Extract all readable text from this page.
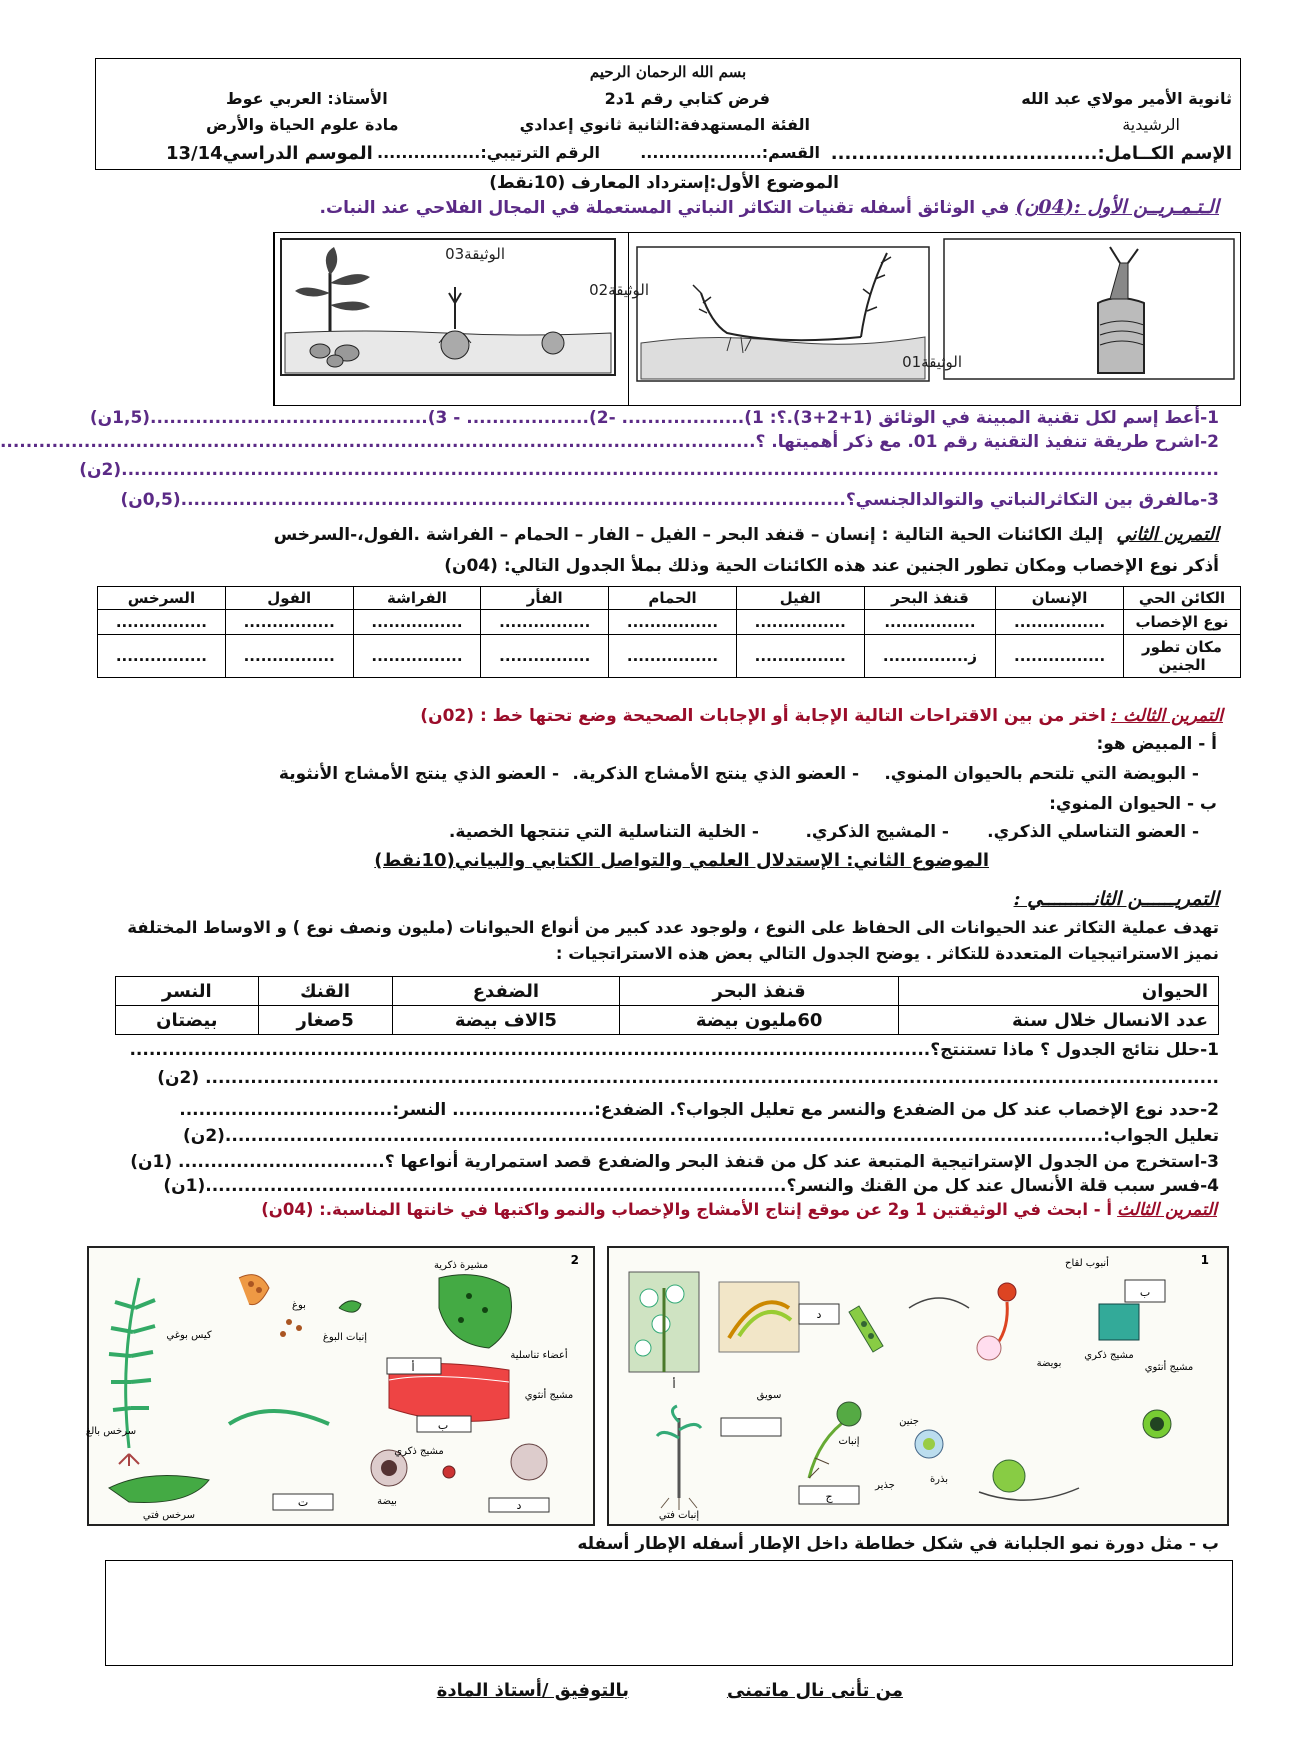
بسم الله الرحمان الرحيم
ثانوية الأمير مولاي عبد الله
فرض كتابي رقم 1د2
الأستاذ: العربي عوط
الرشيدية
الفئة المستهدفة:الثانية ثانوي إعدادي
مادة علوم الحياة والأرض
الإسم الكــامل:.......................................
القسم:....................
الرقم الترتيبي:.................
الموسم الدراسي13/14
الموضوع الأول:إسترداد المعارف (10نقط)
الـتـمـريــن الأول :(04ن) في الوثائق أسفله تقنيات التكاثر النباتي المستعملة في المجال الفلاحي عند النبات.
الوثيقة03
الوثيقة02
الوثيقة01
1-أعط إسم لكل تقنية المبينة في الوثائق (1+2+3).؟: 1)................... -2)................... - 3)...........................................(1,5ن)
2-اشرح طريقة تنفيذ التقنية رقم 01. مع ذكر أهميتها. ؟.....................................................................................................................
..........................................................................................................................................................................(2ن)
3-مالفرق بين التكاثرالنباتي والتوالدالجنسي؟.......................................................................................................(0,5ن)
التمرين الثاني إليك الكائنات الحية التالية : إنسان – قنفد البحر – الفيل – الفار – الحمام – الفراشة .الفول،-السرخس
أذكر نوع الإخصاب ومكان تطور الجنين عند هذه الكائنات الحية وذلك بملأ الجدول التالي: (04ن)
الكائن الحي	الإنسان	قنفذ البحر	الفيل	الحمام	الفأر	الفراشة	الفول	السرخس
نوع الإخصاب	................	................	................	................	................	................	................	................
مكان تطور الجنين	................	ز...............	................	................	................	................	................	................
التمرين الثالث : اختر من بين الاقتراحات التالية الإجابة أو الإجابات الصحيحة وضع تحتها خط : (02ن)
أ - المبيض هو:
- البويضة التي تلتحم بالحيوان المنوي.
- العضو الذي ينتج الأمشاج الذكرية.
- العضو الذي ينتج الأمشاج الأنثوية
ب - الحيوان المنوي:
- العضو التناسلي الذكري.
- المشيج الذكري.
- الخلية التناسلية التي تنتجها الخصية.
الموضوع الثاني: الإستدلال العلمي والتواصل الكتابي والبياني(10نقط)
التمريــــــن الثانـــــــــي :
تهدف عملية التكاثر عند الحيوانات الى الحفاظ على النوع ، ولوجود عدد كبير من أنواع الحيوانات (مليون ونصف نوع ) و الاوساط المختلفة
نميز الاستراتيجيات المتعددة للتكاثر . يوضح الجدول التالي بعض هذه الاستراتجيات :
الحيوان	قنفذ البحر	الضفدع	القنك	النسر
عدد الانسال خلال سنة	60مليون بيضة	5الاف بيضة	5صغار	بيضتان
1-حلل نتائج الجدول ؟ ماذا تستنتج؟............................................................................................................................
............................................................................................................................................................. (2ن)
2-حدد نوع الإخصاب عند كل من الضفدع والنسر مع تعليل الجواب؟. الضفدع:...................... النسر:.................................
تعليل الجواب:........................................................................................................................................(2ن)
3-استخرج من الجدول الإستراتيجية المتبعة عند كل من قنفذ البحر والضفدع قصد استمرارية أنواعها ؟................................ (1ن)
4-فسر سبب قلة الأنسال عند كل من القنك والنسر؟..........................................................................................(1ن)
التمرين الثالث أ - ابحث في الوثيقتين 1 و2 عن موقع إنتاج الأمشاج والإخصاب والنمو واكتبها في خانتها المناسبة.: (04ن)
1
أنبوب لقاح
مشيج ذكري
بويضة	مشيج أنثوي
جنين
بذرة
سويق
جذير
إنبات
إنبات فتي
أ
ب
ج
د
2
مشيرة ذكرية
أعضاء تناسلية
بوغ
كيس بوغي	إنبات البوغ
مشيج أنثوي
سرخس بالغ
مشيج ذكري
بيضة
سرخس فتي
أ
ب
ت	د
ب - مثل دورة نمو الجلبانة في شكل خطاطة داخل الإطار أسفله الإطار أسفله
من تأنى نال ماتمنى
بالتوفيق /أستاذ المادة
